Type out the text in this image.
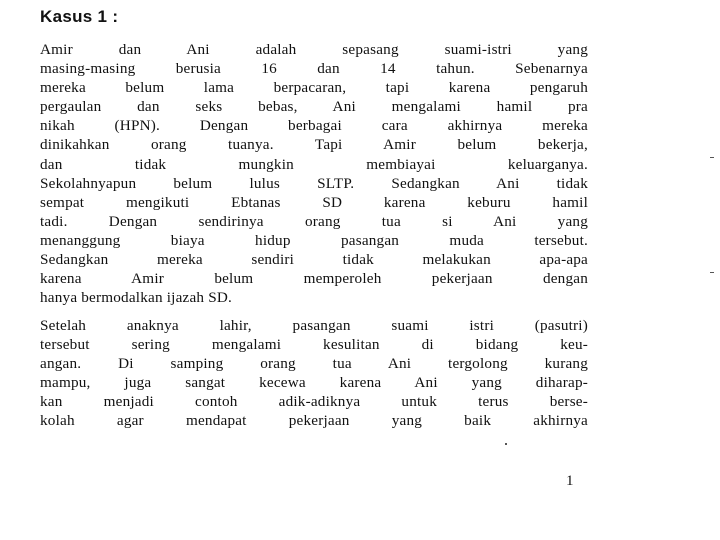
Kasus 1 :
Amir dan Ani adalah sepasang suami-istri yang
masing-masing berusia 16 dan 14 tahun. Sebenarnya
mereka belum lama berpacaran, tapi karena pengaruh
pergaulan dan seks bebas, Ani mengalami hamil pra
nikah (HPN). Dengan berbagai cara akhirnya mereka
dinikahkan orang tuanya. Tapi Amir belum bekerja,
dan tidak mungkin membiayai keluarganya.
Sekolahnyapun belum lulus SLTP. Sedangkan Ani tidak
sempat mengikuti Ebtanas SD karena keburu hamil
tadi. Dengan sendirinya orang tua si Ani yang
menanggung biaya hidup pasangan muda tersebut.
Sedangkan mereka sendiri tidak melakukan apa-apa
karena Amir belum memperoleh pekerjaan dengan
hanya bermodalkan ijazah SD.
Setelah anaknya lahir, pasangan suami istri (pasutri)
tersebut sering mengalami kesulitan di bidang keu-
angan. Di samping orang tua Ani tergolong kurang
mampu, juga sangat kecewa karena Ani yang diharap-
kan menjadi contoh adik-adiknya untuk terus berse-
kolah agar mendapat pekerjaan yang baik akhirnya
1
